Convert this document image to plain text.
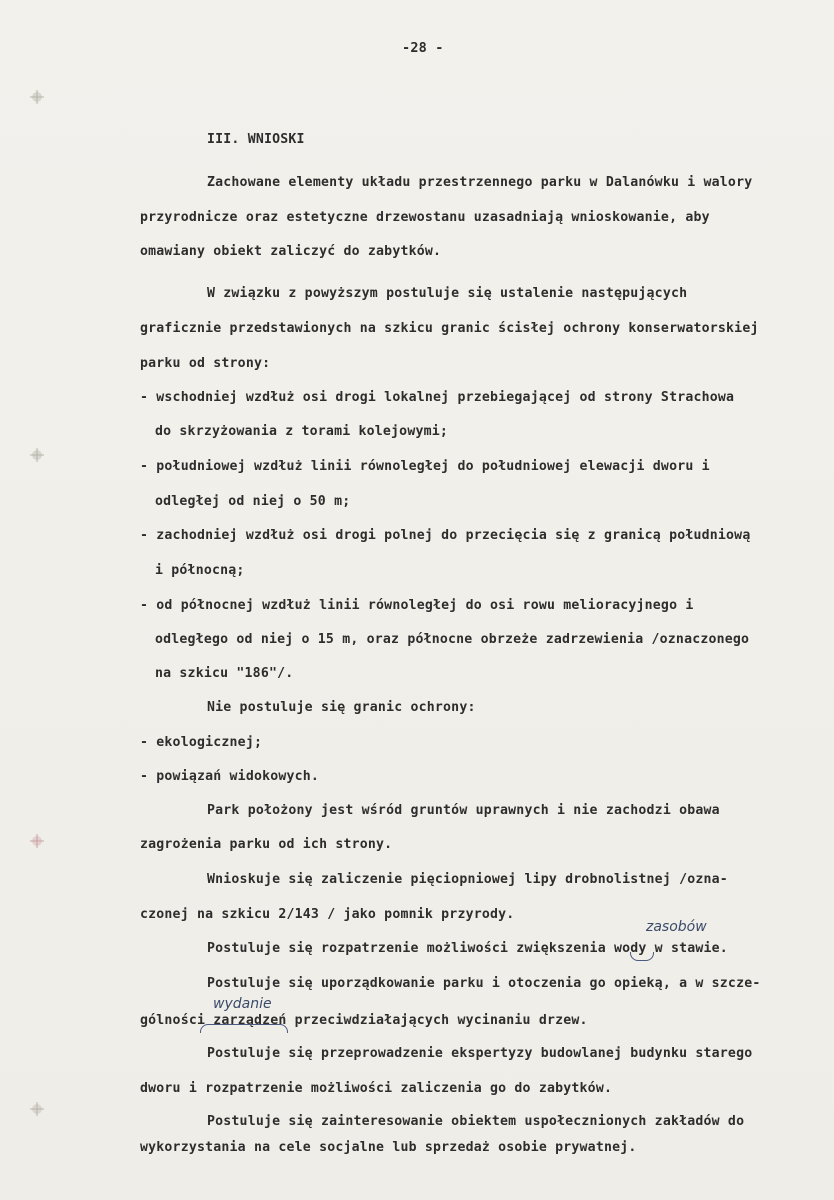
-28 -
III. WNIOSKI
Zachowane elementy układu przestrzennego parku w Dalanówku i walory
przyrodnicze oraz estetyczne drzewostanu uzasadniają wnioskowanie, aby
omawiany obiekt zaliczyć do zabytków.
W związku z powyższym postuluje się ustalenie następujących
graficznie przedstawionych na szkicu granic ścisłej ochrony konserwatorskiej
parku od strony:
- wschodniej wzdłuż osi drogi lokalnej przebiegającej od strony Strachowa
do skrzyżowania z torami kolejowymi;
- południowej wzdłuż linii równoległej do południowej elewacji dworu i
odległej od niej o 50 m;
- zachodniej wzdłuż osi drogi polnej do przecięcia się z granicą południową
i północną;
- od północnej wzdłuż linii równoległej do osi rowu melioracyjnego i
odległego od niej o 15 m, oraz północne obrzeże zadrzewienia /oznaczonego
na szkicu "186"/.
Nie postuluje się granic ochrony:
- ekologicznej;
- powiązań widokowych.
Park położony jest wśród gruntów uprawnych i nie zachodzi obawa
zagrożenia parku od ich strony.
Wnioskuje się zaliczenie pięciopniowej lipy drobnolistnej /ozna-
czonej na szkicu 2/143 / jako pomnik przyrody.
Postuluje się rozpatrzenie możliwości zwiększenia wody w stawie.
Postuluje się uporządkowanie parku i otoczenia go opieką, a w szcze-
gólności zarządzeń przeciwdziałających wycinaniu drzew.
Postuluje się przeprowadzenie ekspertyzy budowlanej budynku starego
dworu i rozpatrzenie możliwości zaliczenia go do zabytków.
Postuluje się zainteresowanie obiektem uspołecznionych zakładów do
wykorzystania na cele socjalne lub sprzedaż osobie prywatnej.
zasobów
wydanie
